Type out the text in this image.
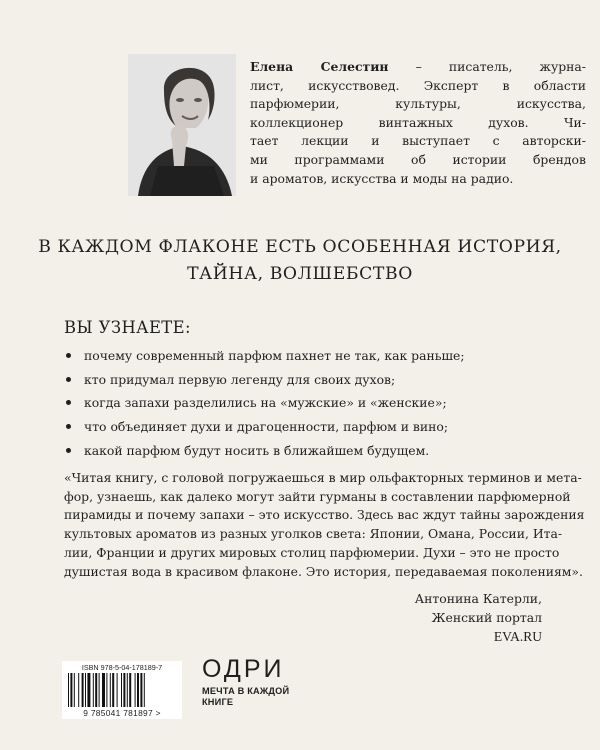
Елена Селестин – писатель, журна-
лист, искусствовед. Эксперт в области
парфюмерии, культуры, искусства,
коллекционер винтажных духов. Чи-
тает лекции и выступает с авторски-
ми программами об истории брендов
и ароматов, искусства и моды на радио.

В КАЖДОМ ФЛАКОНЕ ЕСТЬ ОСОБЕННАЯ ИСТОРИЯ,
ТАЙНА, ВОЛШЕБСТВО
ВЫ УЗНАЕТЕ:
почему современный парфюм пахнет не так, как раньше;
кто придумал первую легенду для своих духов;
когда запахи разделились на «мужские» и «женские»;
что объединяет духи и драгоценности, парфюм и вино;
какой парфюм будут носить в ближайшем будущем.

«Читая книгу, с головой погружаешься в мир ольфакторных терминов и мета-
фор, узнаешь, как далеко могут зайти гурманы в составлении парфюмерной
пирамиды и почему запахи – это искусство. Здесь вас ждут тайны зарождения
культовых ароматов из разных уголков света: Японии, Омана, России, Ита-
лии, Франции и других мировых столиц парфюмерии. Духи – это не просто
душистая вода в красивом флаконе. Это история, передаваемая поколениям».

Антонина Катерли,
Женский портал
EVA.RU
ISBN 978-5-04-178189-7
9 785041 781897 >
ОДРИ
МЕЧТА В КАЖДОЙ
КНИГЕ
